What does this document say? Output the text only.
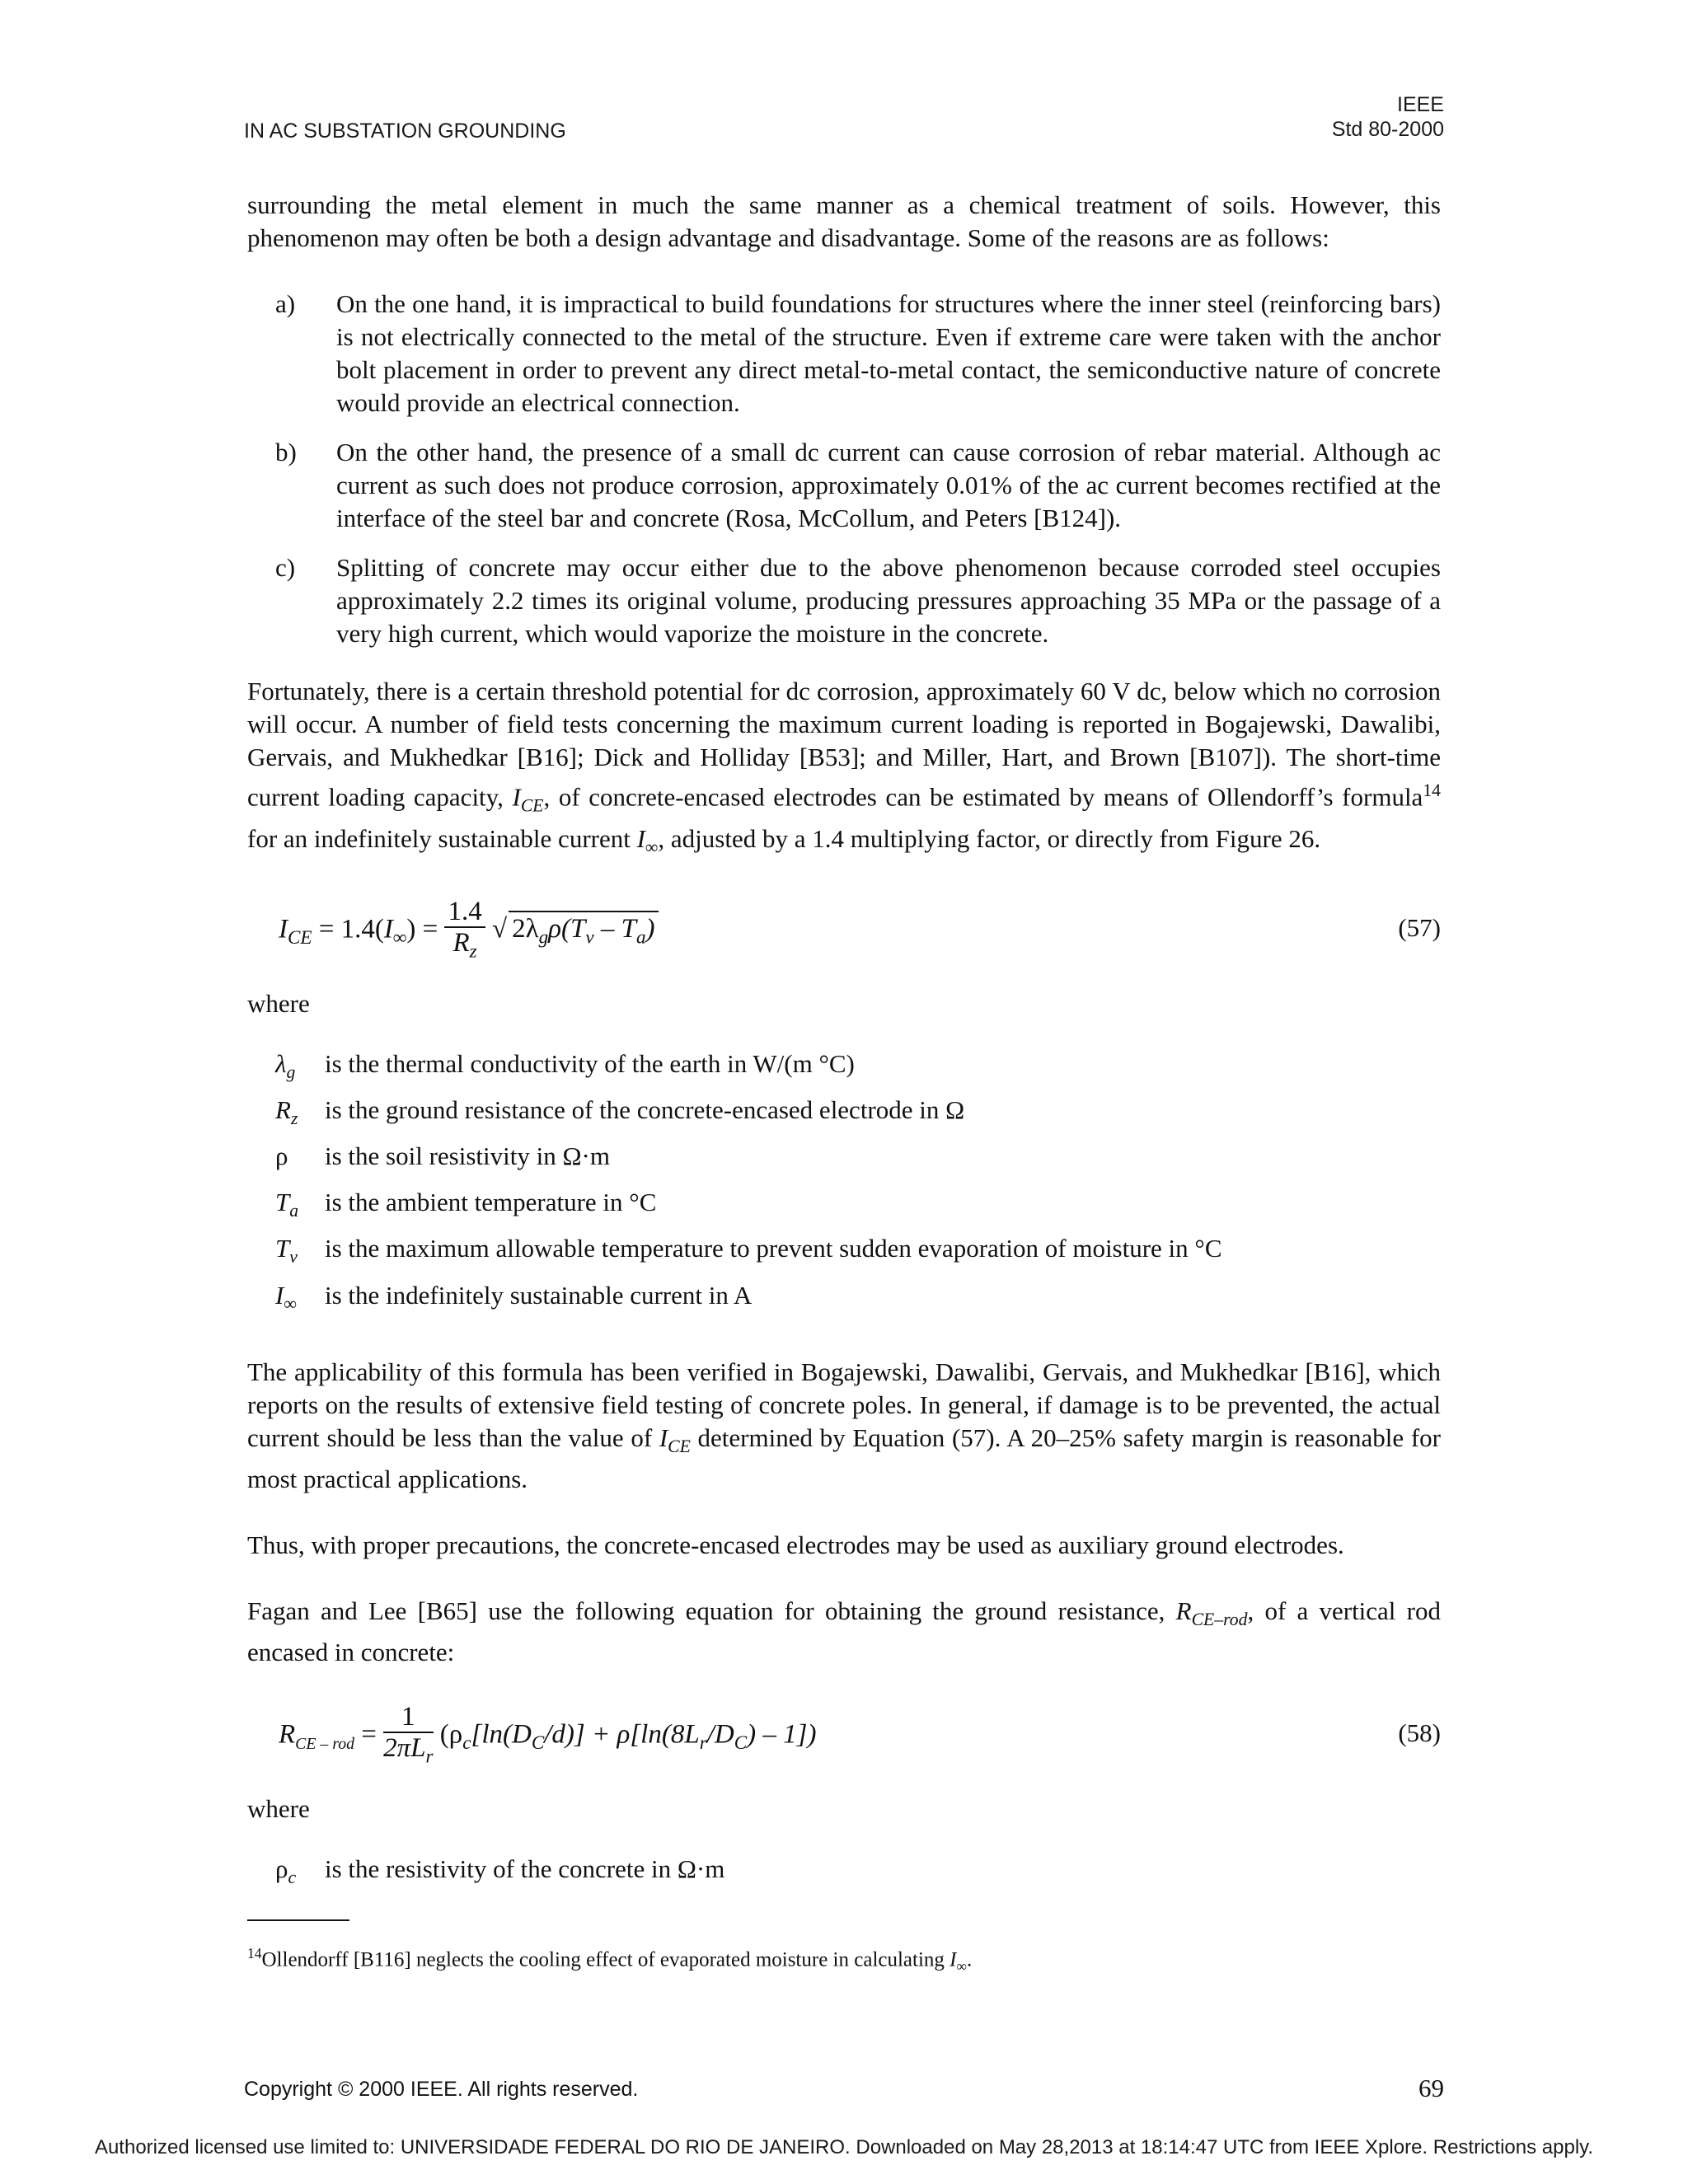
IN AC SUBSTATION GROUNDING
IEEE
Std 80-2000

surrounding the metal element in much the same manner as a chemical treatment of soils. However, this phenomenon may often be both a design advantage and disadvantage. Some of the reasons are as follows:

a) On the one hand, it is impractical to build foundations for structures where the inner steel (reinforcing bars) is not electrically connected to the metal of the structure. Even if extreme care were taken with the anchor bolt placement in order to prevent any direct metal-to-metal contact, the semiconductive nature of concrete would provide an electrical connection.
b) On the other hand, the presence of a small dc current can cause corrosion of rebar material. Although ac current as such does not produce corrosion, approximately 0.01% of the ac current becomes rectified at the interface of the steel bar and concrete (Rosa, McCollum, and Peters [B124]).
c) Splitting of concrete may occur either due to the above phenomenon because corroded steel occupies approximately 2.2 times its original volume, producing pressures approaching 35 MPa or the passage of a very high current, which would vaporize the moisture in the concrete.

Fortunately, there is a certain threshold potential for dc corrosion, approximately 60 V dc, below which no corrosion will occur. A number of field tests concerning the maximum current loading is reported in Bogajewski, Dawalibi, Gervais, and Mukhedkar [B16]; Dick and Holliday [B53]; and Miller, Hart, and Brown [B107]). The short-time current loading capacity, $I_{CE}$, of concrete-encased electrodes can be estimated by means of Ollendorff’s formula$^{14}$ for an indefinitely sustainable current $I_\infty$, adjusted by a 1.4 multiplying factor, or directly from Figure 26.

$I_{CE} = 1.4(I_\infty) = \frac{1.4}{R_z}$ √ $2\lambda_g\rho(T_v - T_a)$	(57)

where

$\lambda_g$	is the thermal conductivity of the earth in W/(m °C)
$R_z$	is the ground resistance of the concrete-encased electrode in Ω
ρ	is the soil resistivity in Ω·m
$T_a$	is the ambient temperature in °C
$T_v$	is the maximum allowable temperature to prevent sudden evaporation of moisture in °C
$I_\infty$	is the indefinitely sustainable current in A

The applicability of this formula has been verified in Bogajewski, Dawalibi, Gervais, and Mukhedkar [B16], which reports on the results of extensive field testing of concrete poles. In general, if damage is to be prevented, the actual current should be less than the value of $I_{CE}$ determined by Equation (57). A 20–25% safety margin is reasonable for most practical applications.

Thus, with proper precautions, the concrete-encased electrodes may be used as auxiliary ground electrodes.

Fagan and Lee [B65] use the following equation for obtaining the ground resistance, $R_{CE-rod}$, of a vertical rod encased in concrete:

$R_{CE - rod} = \frac{1}{2\pi L_r} (\rho_c[\ln(D_C/d)] + \rho[\ln(8L_r/D_C) - 1])$	(58)

where

$\rho_c$	is the resistivity of the concrete in Ω·m
$^{14}$Ollendorff [B116] neglects the cooling effect of evaporated moisture in calculating $I_\infty$.
Copyright © 2000 IEEE. All rights reserved.	69
Authorized licensed use limited to: UNIVERSIDADE FEDERAL DO RIO DE JANEIRO. Downloaded on May 28,2013 at 18:14:47 UTC from IEEE Xplore. Restrictions apply.
